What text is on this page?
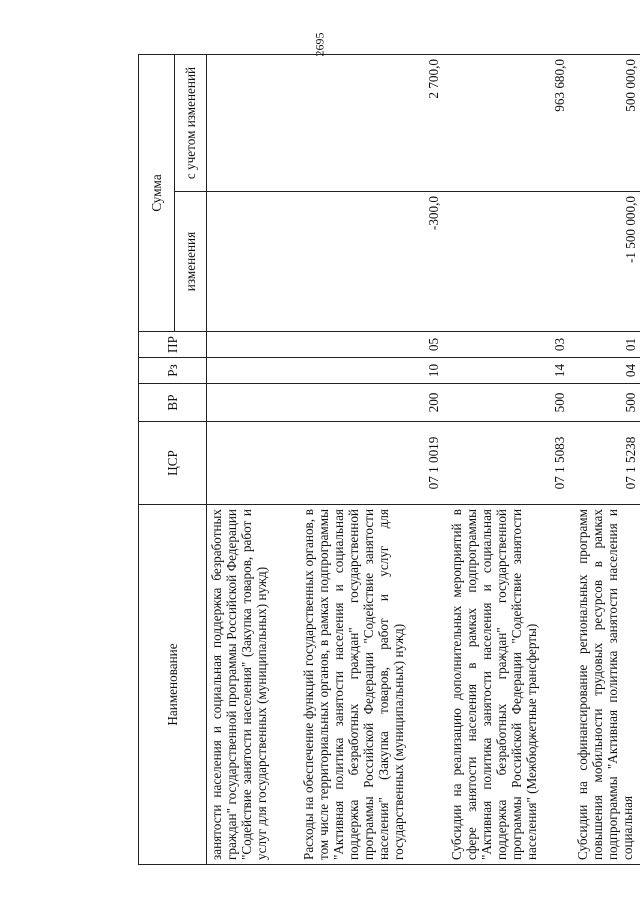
2695
Наименование	ЦСР	ВР	Рз	ПР	Сумма	
					изменения	с учетом изменений
занятости населения и социальная поддержка безработных граждан" государственной программы Российской Федерации "Содействие занятости населения" (Закупка товаров, работ и услуг для государственных (муниципальных) нужд)						
Расходы на обеспечение функций государственных органов, в том числе территориальных органов, в рамках подпрограммы "Активная политика занятости населения и социальная поддержка безработных граждан" государственной программы Российской Федерации "Содействие занятости населения" (Закупка товаров, работ и услуг для государственных (муниципальных) нужд)	07 1 0019	200	10	05	-300,0	2 700,0
Субсидии на реализацию дополнительных мероприятий в сфере занятости населения в рамках подпрограммы "Активная политика занятости населения и социальная поддержка безработных граждан" государственной программы Российской Федерации "Содействие занятости населения" (Межбюджетные трансферты)	07 1 5083	500	14	03		963 680,0
Субсидии на софинансирование региональных программ повышения мобильности трудовых ресурсов в рамках подпрограммы "Активная политика занятости населения и социальная	07 1 5238	500	04	01	-1 500 000,0	500 000,0
